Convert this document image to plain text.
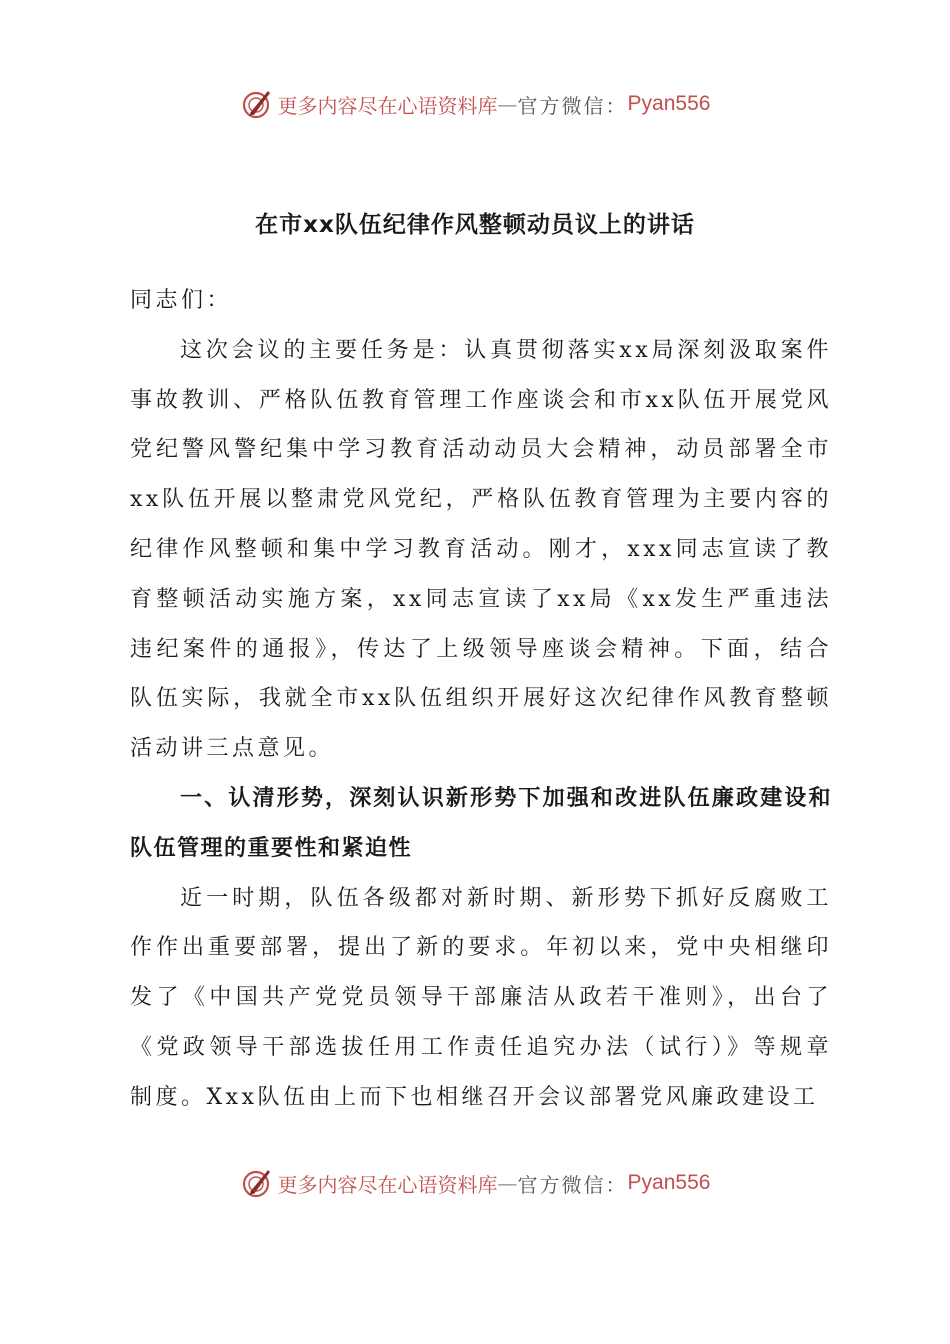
更多内容尽在心语资料库 — 官方微信： Pyan556
在市xx队伍纪律作风整顿动员议上的讲话

同志们：

这次会议的主要任务是：认真贯彻落实xx局深刻汲取案件事故教训、严格队伍教育管理工作座谈会和市xx队伍开展党风党纪警风警纪集中学习教育活动动员大会精神，动员部署全市xx队伍开展以整肃党风党纪，严格队伍教育管理为主要内容的纪律作风整顿和集中学习教育活动。刚才，xxx同志宣读了教育整顿活动实施方案，xx同志宣读了xx局《xx发生严重违法违纪案件的通报》，传达了上级领导座谈会精神。下面，结合队伍实际，我就全市xx队伍组织开展好这次纪律作风教育整顿活动讲三点意见。

一、认清形势，深刻认识新形势下加强和改进队伍廉政建设和队伍管理的重要性和紧迫性

近一时期，队伍各级都对新时期、新形势下抓好反腐败工作作出重要部署，提出了新的要求。年初以来，党中央相继印发了《中国共产党党员领导干部廉洁从政若干准则》，出台了《党政领导干部选拔任用工作责任追究办法（试行）》等规章制度。Xxx队伍由上而下也相继召开会议部署党风廉政建设工

更多内容尽在心语资料库 — 官方微信： Pyan556
